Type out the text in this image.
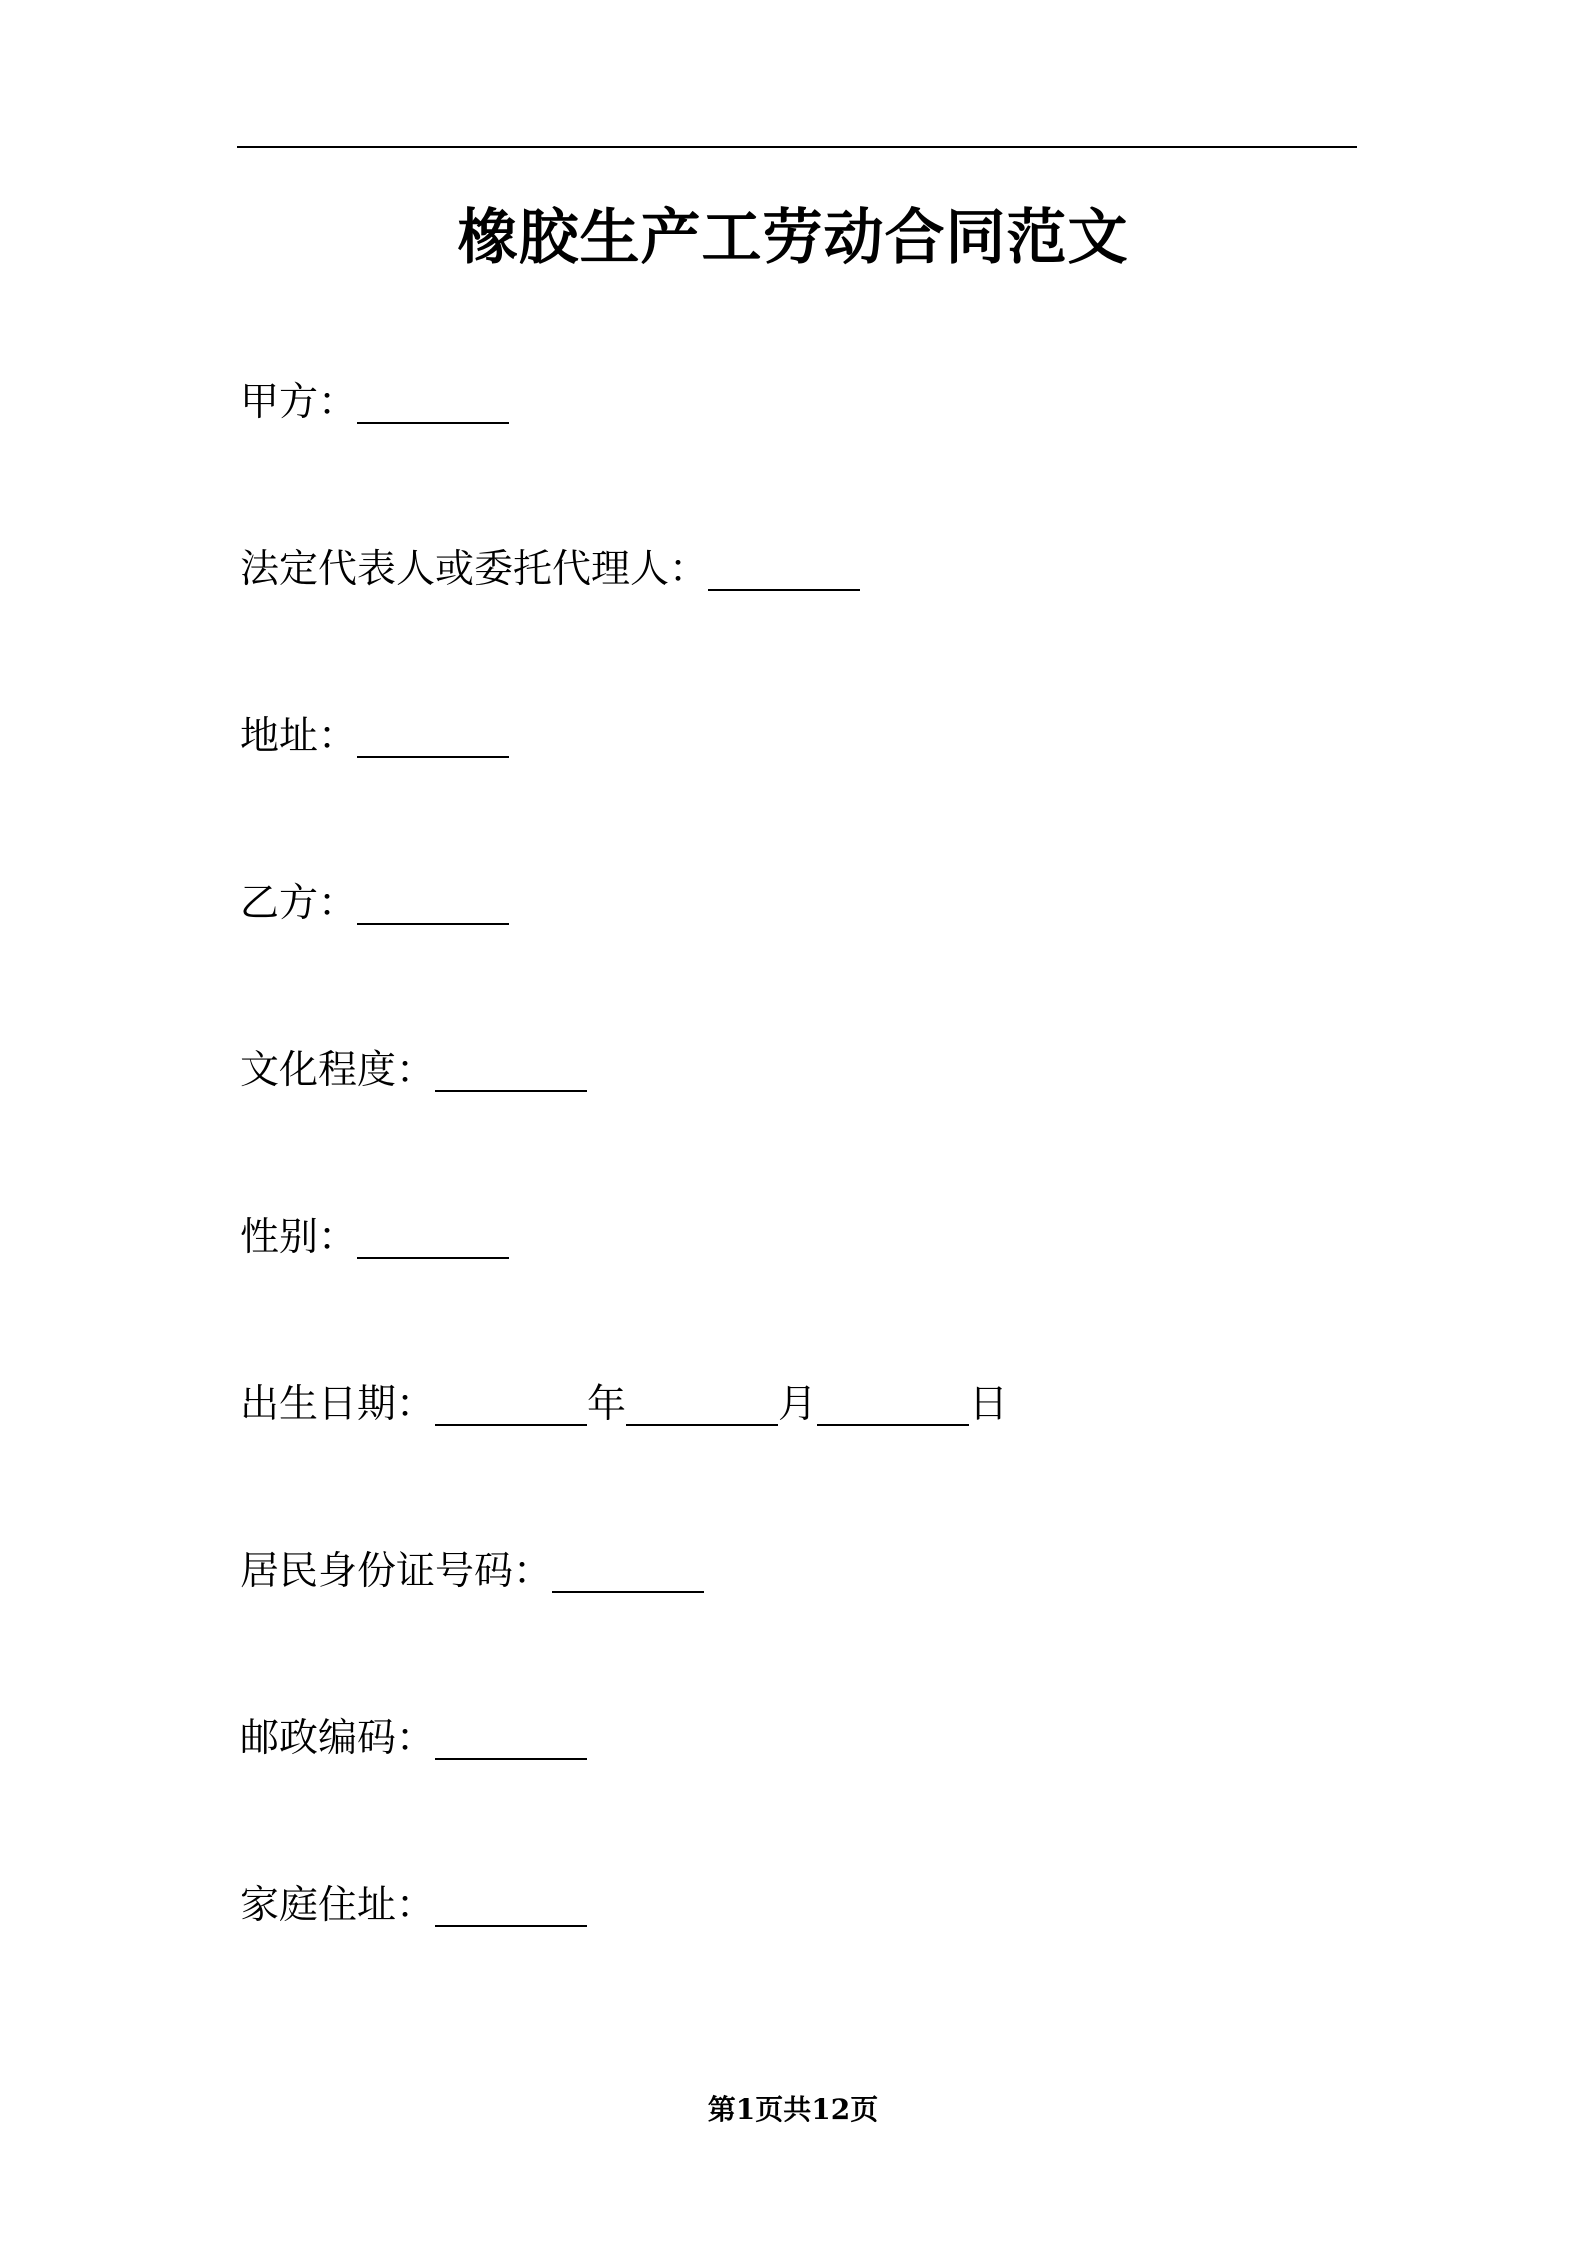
橡胶生产工劳动合同范文
甲方：
法定代表人或委托代理人：
地址：
乙方：
文化程度：
性别：
出生日期：	年	月	日
居民身份证号码：
邮政编码：
家庭住址：
第1页共12页
